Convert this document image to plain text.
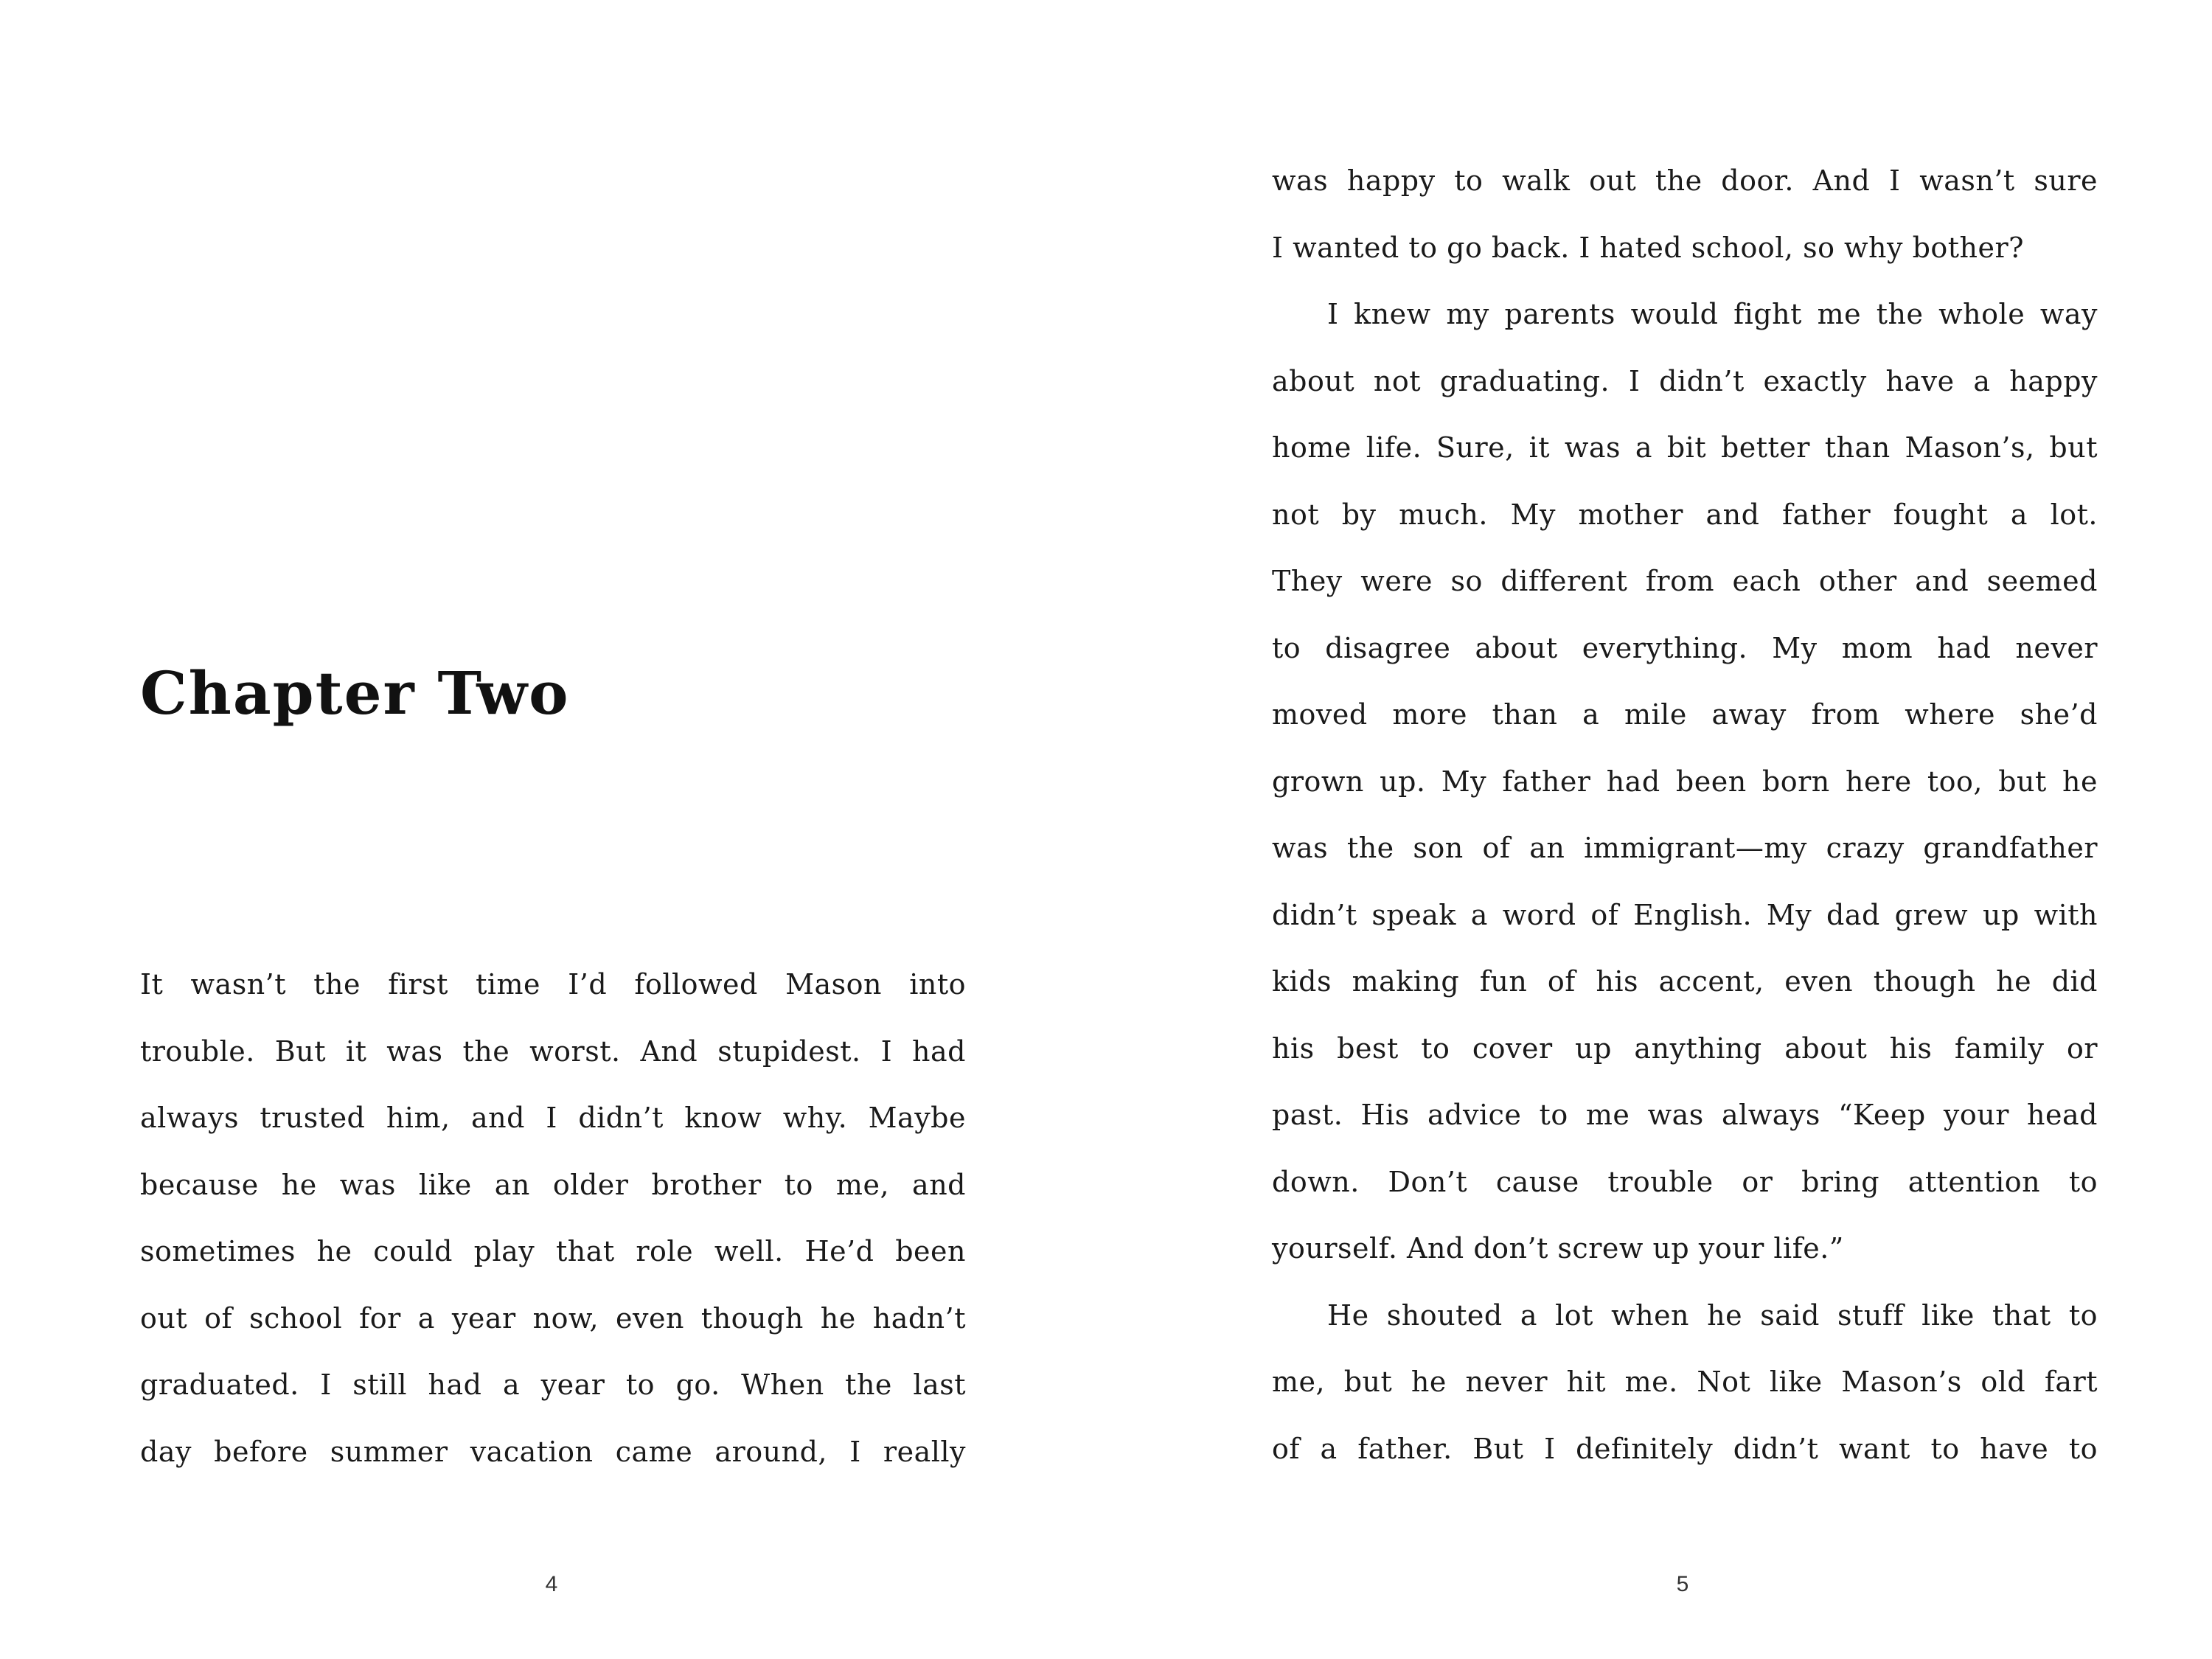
Chapter Two
It wasn’t the first time I’d followed Mason into
trouble. But it was the worst. And stupidest. I had
always trusted him, and I didn’t know why. Maybe
because he was like an older brother to me, and
sometimes he could play that role well. He’d been
out of school for a year now, even though he hadn’t
graduated. I still had a year to go. When the last
day before summer vacation came around, I really
4
was happy to walk out the door. And I wasn’t sure
I wanted to go back. I hated school, so why bother?
I knew my parents would fight me the whole way
about not graduating. I didn’t exactly have a happy
home life. Sure, it was a bit better than Mason’s, but
not by much. My mother and father fought a lot.
They were so different from each other and seemed
to disagree about everything. My mom had never
moved more than a mile away from where she’d
grown up. My father had been born here too, but he
was the son of an immigrant—my crazy grandfather
didn’t speak a word of English. My dad grew up with
kids making fun of his accent, even though he did
his best to cover up anything about his family or
past. His advice to me was always “Keep your head
down. Don’t cause trouble or bring attention to
yourself. And don’t screw up your life.”
He shouted a lot when he said stuff like that to
me, but he never hit me. Not like Mason’s old fart
of a father. But I definitely didn’t want to have to
5
